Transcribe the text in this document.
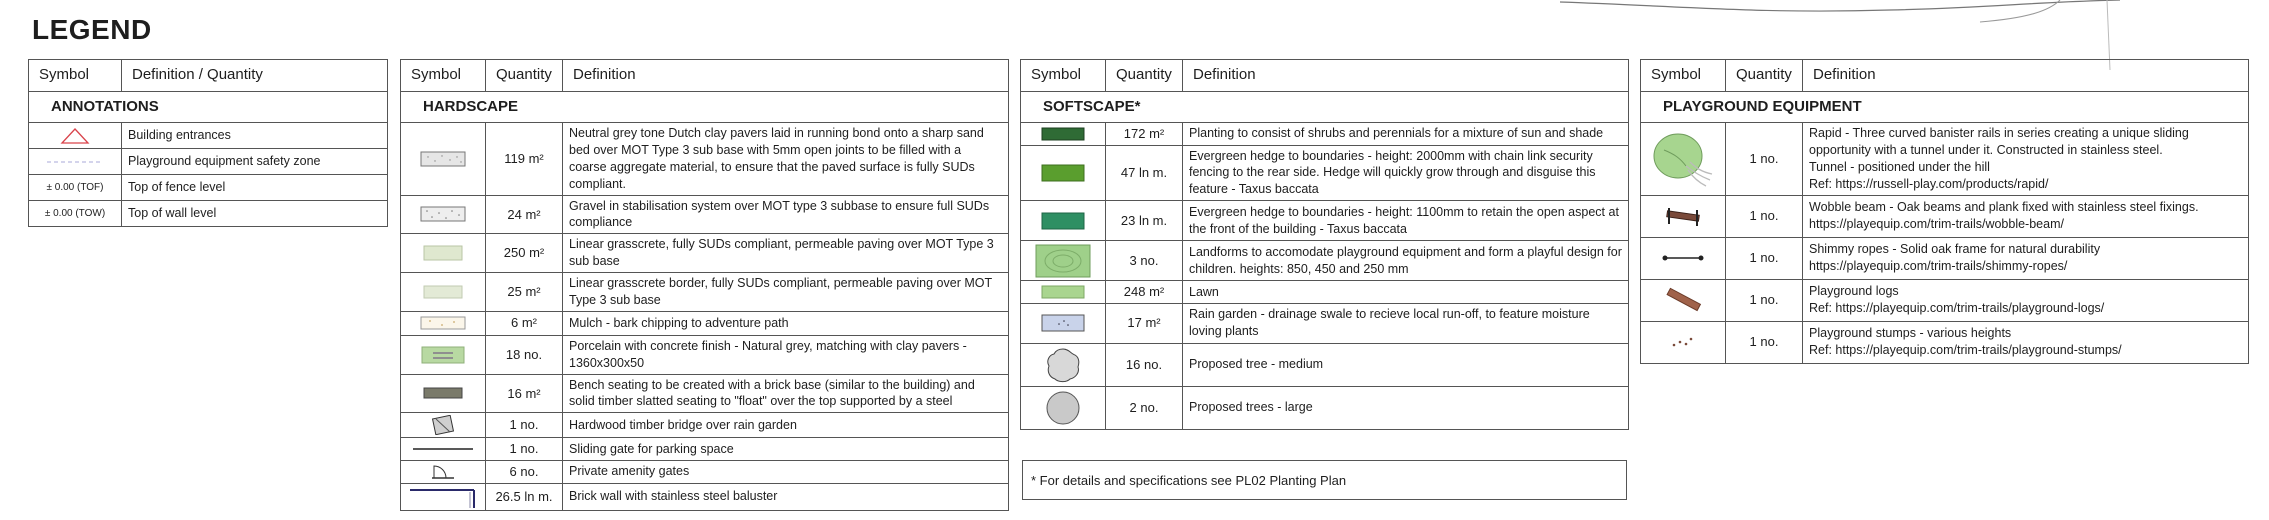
LEGEND
Symbol	Definition / Quantity
ANNOTATIONS	

	Building entrances

	Playground equipment safety zone
± 0.00 (TOF)	Top of fence level
± 0.00 (TOW)	Top of wall level
Symbol	Quantity	Definition
HARDSCAPE		

	119 m²	Neutral grey tone Dutch clay pavers laid in running bond onto a sharp sand bed over MOT Type 3 sub base with 5mm open joints to be filled with a coarse aggregate material, to ensure that the paved surface is fully SUDs compliant.

	24 m²	Gravel in stabilisation system over MOT type 3 subbase to ensure full SUDs compliance

	250 m²	Linear grasscrete, fully SUDs compliant, permeable paving over MOT Type 3 sub base

	25 m²	Linear grasscrete border, fully SUDs compliant, permeable paving over MOT Type 3 sub base

	6 m²	Mulch - bark chipping to adventure path

	18 no.	Porcelain with concrete finish - Natural grey, matching with clay pavers - 1360x300x50

	16 m²	Bench seating to be created with a brick base (similar to the building) and solid timber slatted seating to "float" over the top supported by a steel

	1 no.	Hardwood timber bridge over rain garden

	1 no.	Sliding gate for parking space

	6 no.	Private amenity gates

	26.5 ln m.	Brick wall with stainless steel baluster
Symbol	Quantity	Definition
SOFTSCAPE*		

	172 m²	Planting to consist of shrubs and perennials for a mixture of sun and shade

	47 ln m.	Evergreen hedge to boundaries - height: 2000mm with chain link security fencing to the rear side. Hedge will quickly grow through and disguise this feature - Taxus baccata

	23 ln m.	Evergreen hedge to boundaries - height: 1100mm to retain the open aspect at the front of the building - Taxus baccata

	3 no.	Landforms to accomodate playground equipment and form a playful design for children. heights: 850, 450 and 250 mm

	248 m²	Lawn

	17 m²	Rain garden - drainage swale to recieve local run-off, to feature moisture loving plants

	16 no.	Proposed tree - medium

	2 no.	Proposed trees - large
* For details and specifications see PL02 Planting Plan
Symbol	Quantity	Definition
PLAYGROUND EQUIPMENT		

	1 no.	Rapid - Three curved banister rails in series creating a unique sliding opportunity with a tunnel under it. Constructed in stainless steel.
Tunnel - positioned under the hill
Ref: https://russell-play.com/products/rapid/

	1 no.	Wobble beam - Oak beams and plank fixed with stainless steel fixings.
https://playequip.com/trim-trails/wobble-beam/

	1 no.	Shimmy ropes - Solid oak frame for natural durability
https://playequip.com/trim-trails/shimmy-ropes/

	1 no.	Playground logs
Ref: https://playequip.com/trim-trails/playground-logs/

	1 no.	Playground stumps - various heights
Ref: https://playequip.com/trim-trails/playground-stumps/
